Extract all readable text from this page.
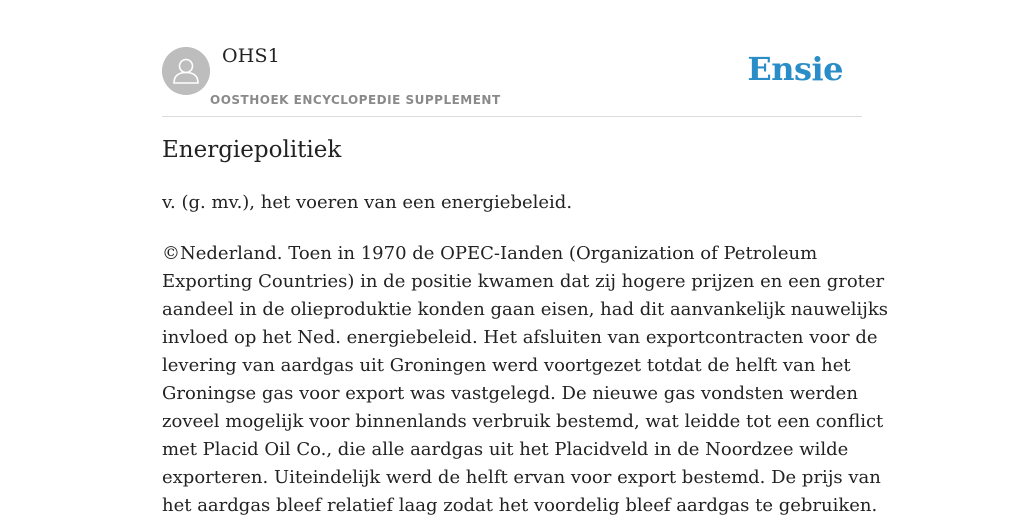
OHS1
OOSTHOEK ENCYCLOPEDIE SUPPLEMENT
Ensie
Energiepolitiek

v. (g. mv.), het voeren van een energiebeleid.

©Nederland. Toen in 1970 de OPEC-Ianden (Organization of Petroleum
Exporting Countries) in de positie kwamen dat zij hogere prijzen en een groter
aandeel in de olieproduktie konden gaan eisen, had dit aanvankelijk nauwelijks
invloed op het Ned. energiebeleid. Het afsluiten van exportcontracten voor de
levering van aardgas uit Groningen werd voortgezet totdat de helft van het
Groningse gas voor export was vastgelegd. De nieuwe gas vondsten werden
zoveel mogelijk voor binnenlands verbruik bestemd, wat leidde tot een conflict
met Placid Oil Co., die alle aardgas uit het Placidveld in de Noordzee wilde
exporteren. Uiteindelijk werd de helft ervan voor export bestemd. De prijs van
het aardgas bleef relatief laag zodat het voordelig bleef aardgas te gebruiken.
